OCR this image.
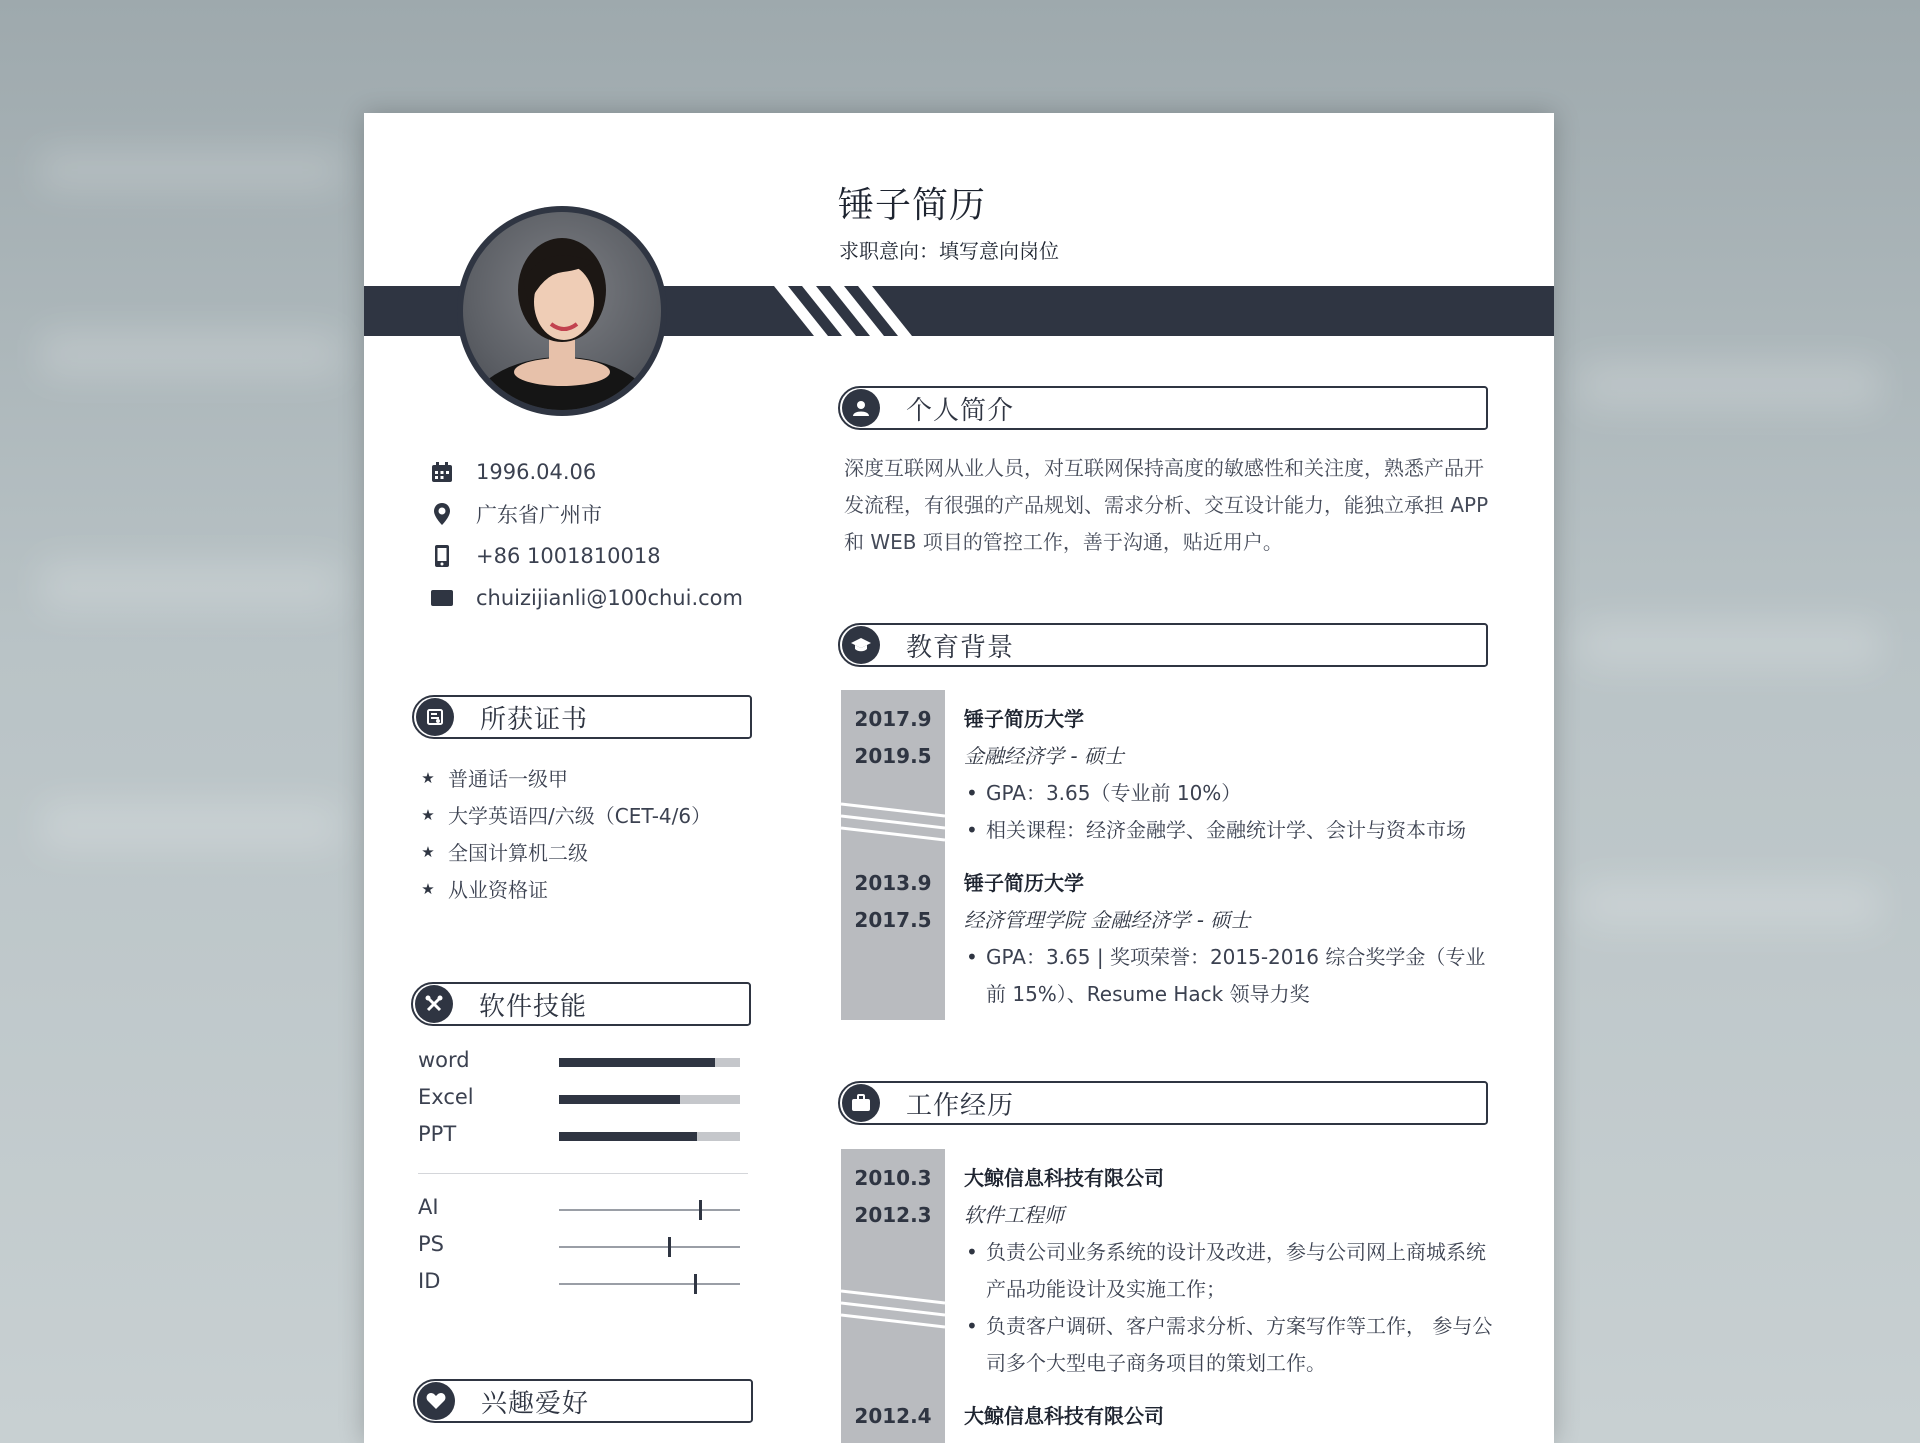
锤子简历
求职意向：填写意向岗位
1996.04.06
广东省广州市
+86 1001810018
chuizijianli@100chui.com
所获证书
★ 普通话一级甲
★ 大学英语四/六级（CET-4/6）
★ 全国计算机二级
★ 从业资格证
软件技能
word
Excel
PPT
AI
PS
ID
兴趣爱好
个人简介
深度互联网从业人员，对互联网保持高度的敏感性和关注度，熟悉产品开发流程，有很强的产品规划、需求分析、交互设计能力，能独立承担 APP 和 WEB 项目的管控工作，善于沟通，贴近用户。
教育背景
2017.9
2019.5
锤子简历大学
金融经济学 - 硕士
• GPA：3.65（专业前 10%）
• 相关课程：经济金融学、金融统计学、会计与资本市场
2013.9
2017.5
锤子简历大学
经济管理学院 金融经济学 - 硕士
• GPA：3.65 | 奖项荣誉：2015-2016 综合奖学金（专业前 15%）、Resume Hack 领导力奖
工作经历
2010.3
2012.3
大鲸信息科技有限公司
软件工程师
• 负责公司业务系统的设计及改进，参与公司网上商城系统产品功能设计及实施工作；
• 负责客户调研、客户需求分析、方案写作等工作， 参与公司多个大型电子商务项目的策划工作。
2012.4	大鲸信息科技有限公司
